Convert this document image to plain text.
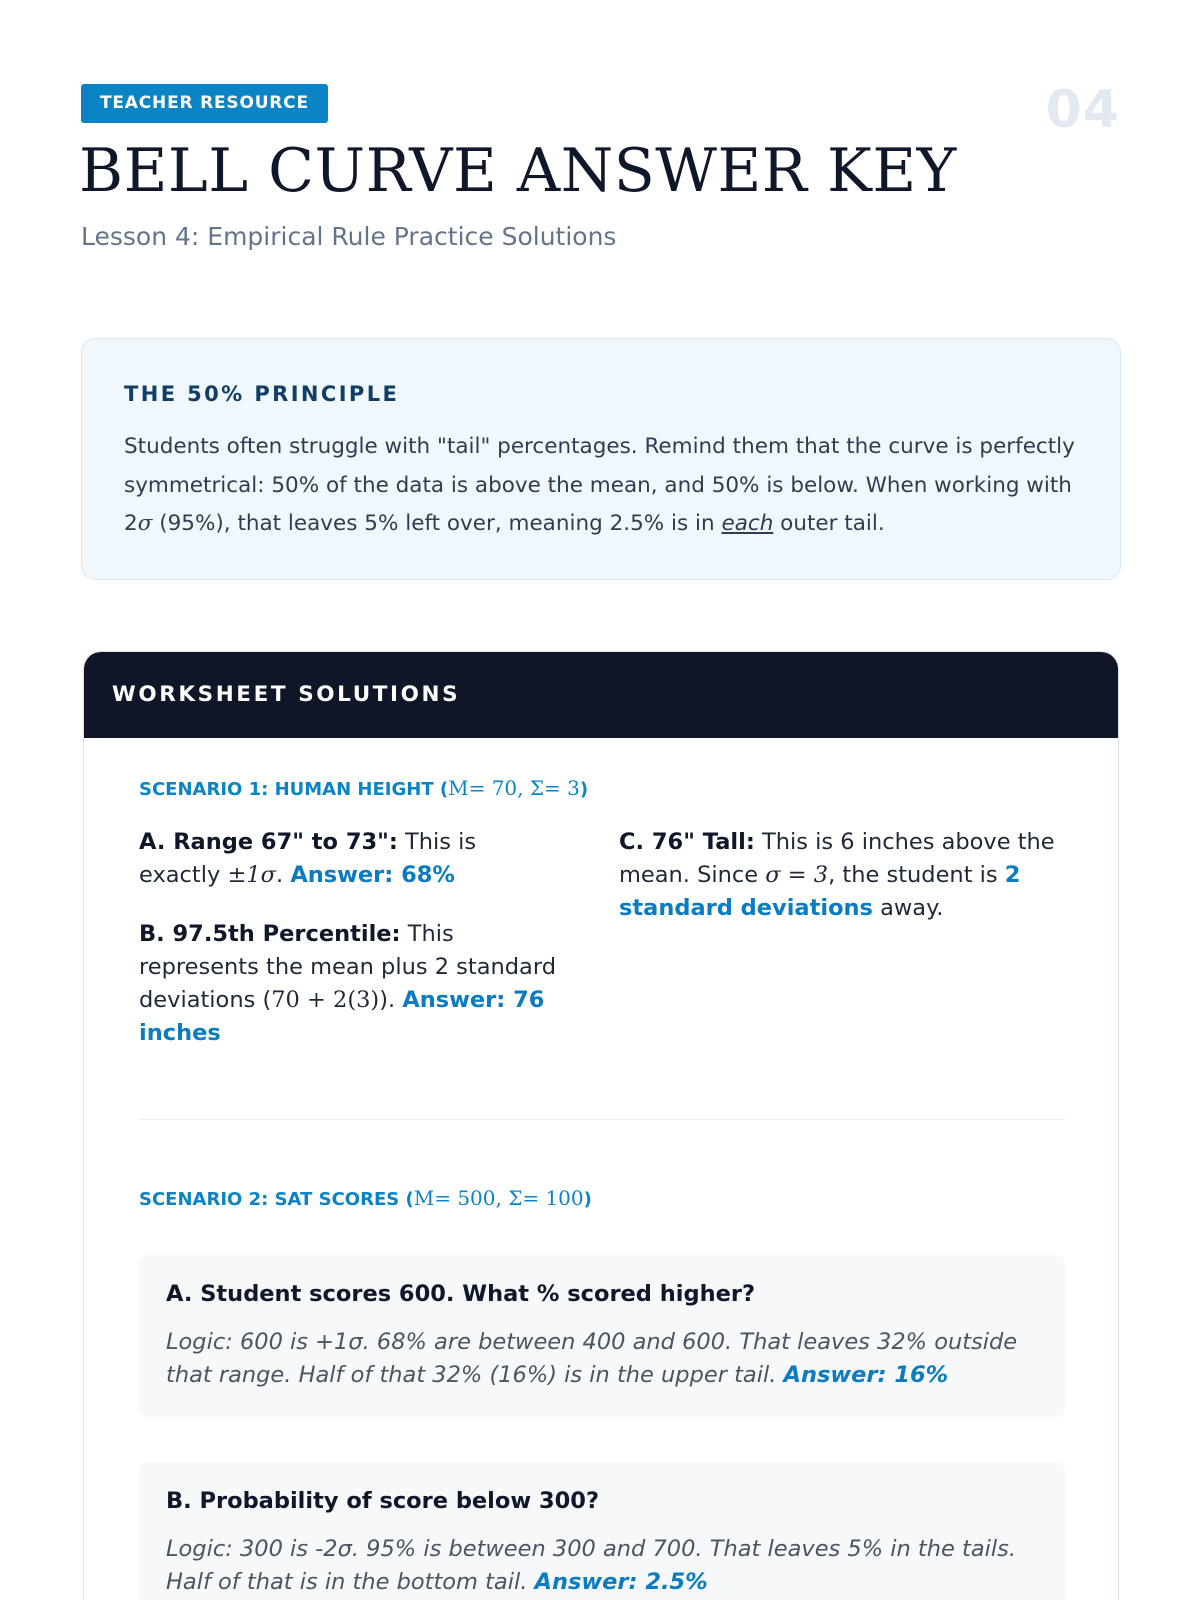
TEACHER RESOURCE	04
BELL CURVE ANSWER KEY
Lesson 4: Empirical Rule Practice Solutions
THE 50% PRINCIPLE

Students often struggle with "tail" percentages. Remind them that the curve is perfectly symmetrical: 50% of the data is above the mean, and 50% is below. When working with 2σ (95%), that leaves 5% left over, meaning 2.5% is in each outer tail.

WORKSHEET SOLUTIONS
SCENARIO 1: HUMAN HEIGHT (M= 70, Σ= 3)

A. Range 67" to 73": This is exactly ±1σ. Answer: 68%

B. 97.5th Percentile: This represents the mean plus 2 standard deviations (70 + 2(3)). Answer: 76 inches

C. 76" Tall: This is 6 inches above the mean. Since σ = 3, the student is 2 standard deviations away.

SCENARIO 2: SAT SCORES (M= 500, Σ= 100)
A. Student scores 600. What % scored higher?

Logic: 600 is +1σ. 68% are between 400 and 600. That leaves 32% outside that range. Half of that 32% (16%) is in the upper tail. Answer: 16%

B. Probability of score below 300?

Logic: 300 is -2σ. 95% is between 300 and 700. That leaves 5% in the tails. Half of that is in the bottom tail. Answer: 2.5%
